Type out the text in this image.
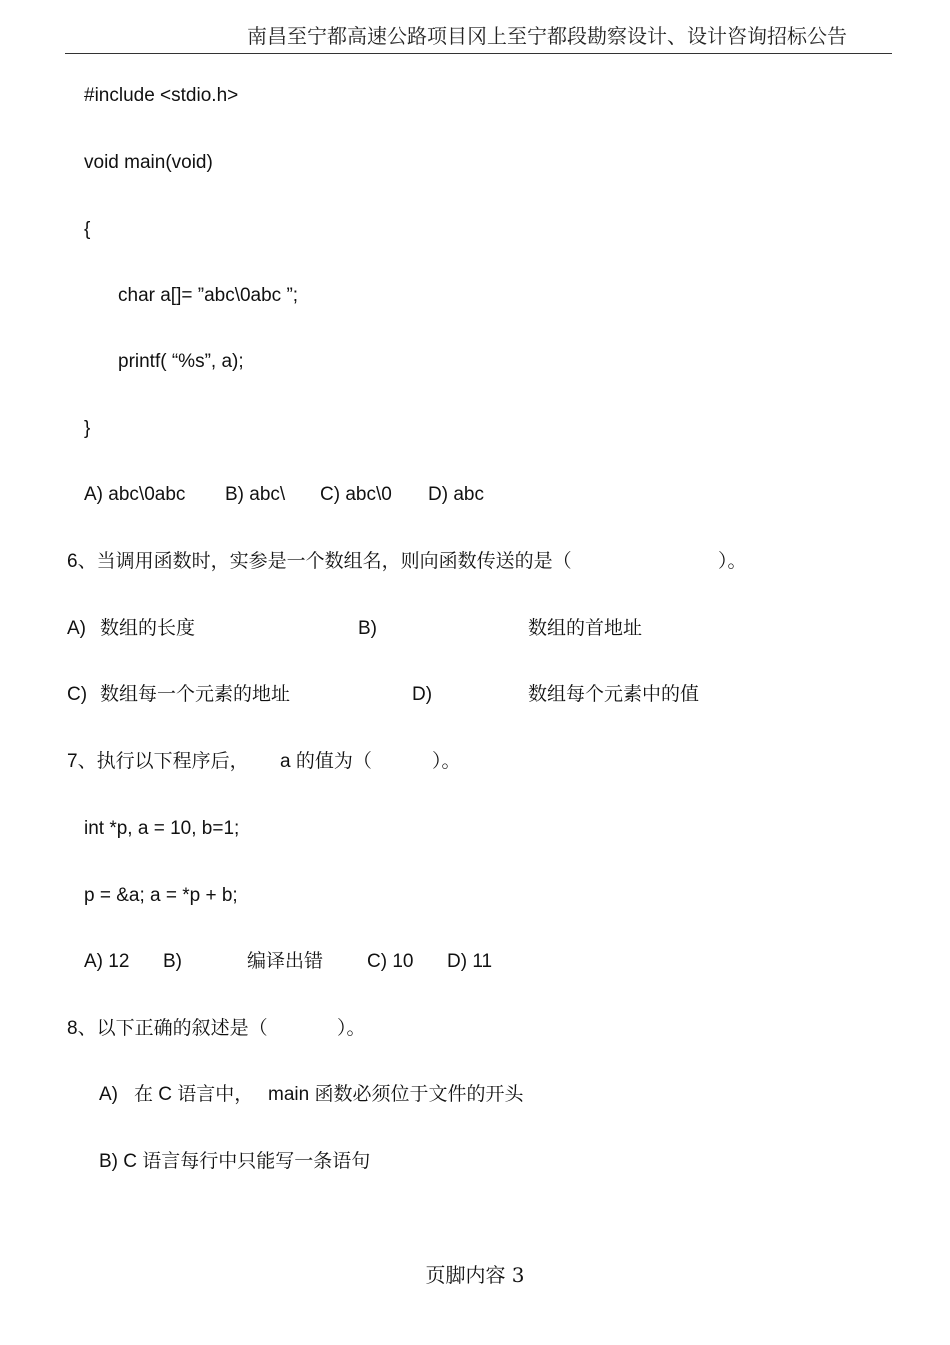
南昌至宁都高速公路项目冈上至宁都段勘察设计、设计咨询招标公告
#include <stdio.h>
void main(void)
{
char a[]= ”abc\0abc ”;
printf( “%s”, a);
}
A) abc\0abc B) abc\ C) abc\0 D) abc
6、当调用函数时，实参是一个数组名，则向函数传送的是（	）。
A) 数组的长度	B)	数组的首地址
C) 数组每一个元素的地址	D)	数组每个元素中的值
7、执行以下程序后， a 的值为（	）。
int *p, a = 10, b=1;
p = &a; a = *p + b;
A) 12 B)	编译出错 C) 10 D) 11
8、以下正确的叙述是（	）。
A) 在 C 语言中， main 函数必须位于文件的开头
B) C 语言每行中只能写一条语句
页脚内容 3
